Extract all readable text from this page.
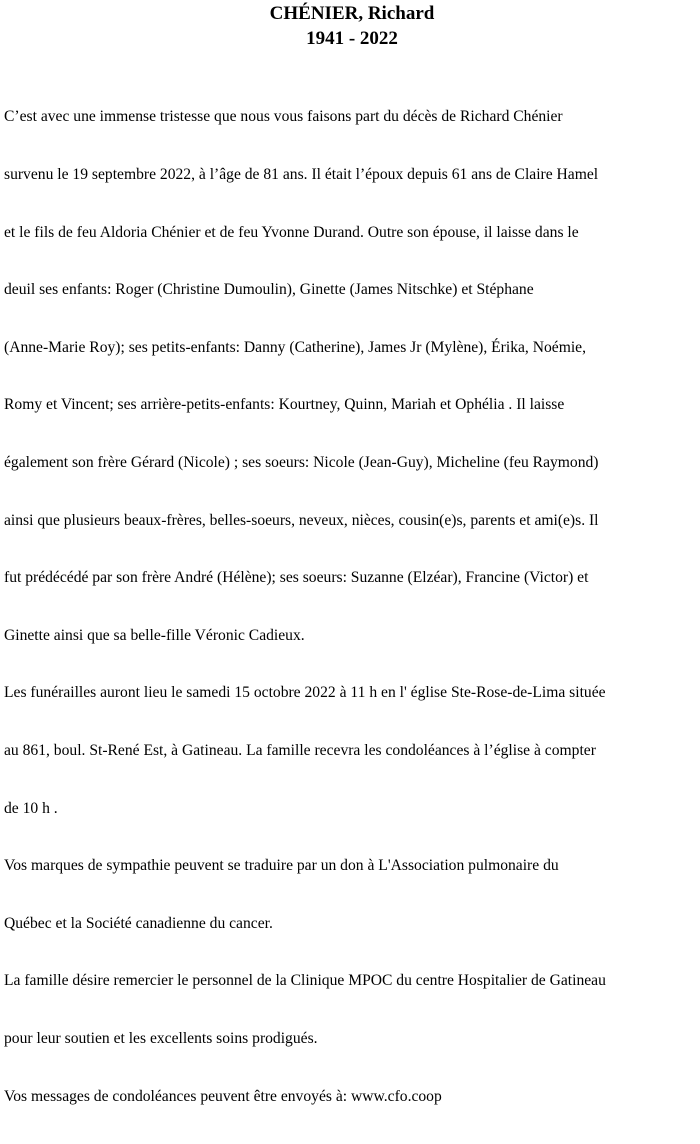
CHÉNIER, Richard
1941 - 2022

C’est avec une immense tristesse que nous vous faisons part du décès de Richard Chénier

survenu le 19 septembre 2022, à l’âge de 81 ans. Il était l’époux depuis 61 ans de Claire Hamel

et le fils de feu Aldoria Chénier et de feu Yvonne Durand. Outre son épouse, il laisse dans le

deuil ses enfants: Roger (Christine Dumoulin), Ginette (James Nitschke) et Stéphane

(Anne-Marie Roy); ses petits-enfants: Danny (Catherine), James Jr (Mylène), Érika, Noémie,

Romy et Vincent; ses arrière-petits-enfants: Kourtney, Quinn, Mariah et Ophélia . Il laisse

également son frère Gérard (Nicole) ; ses soeurs: Nicole (Jean-Guy), Micheline (feu Raymond)

ainsi que plusieurs beaux-frères, belles-soeurs, neveux, nièces, cousin(e)s, parents et ami(e)s. Il

fut prédécédé par son frère André (Hélène); ses soeurs: Suzanne (Elzéar), Francine (Victor) et

Ginette ainsi que sa belle-fille Véronic Cadieux.

Les funérailles auront lieu le samedi 15 octobre 2022 à 11 h en l' église Ste-Rose-de-Lima située

au 861, boul. St-René Est, à Gatineau. La famille recevra les condoléances à l’église à compter

de 10 h .

Vos marques de sympathie peuvent se traduire par un don à L'Association pulmonaire du

Québec et la Société canadienne du cancer.

La famille désire remercier le personnel de la Clinique MPOC du centre Hospitalier de Gatineau

pour leur soutien et les excellents soins prodigués.

Vos messages de condoléances peuvent être envoyés à: www.cfo.coop
